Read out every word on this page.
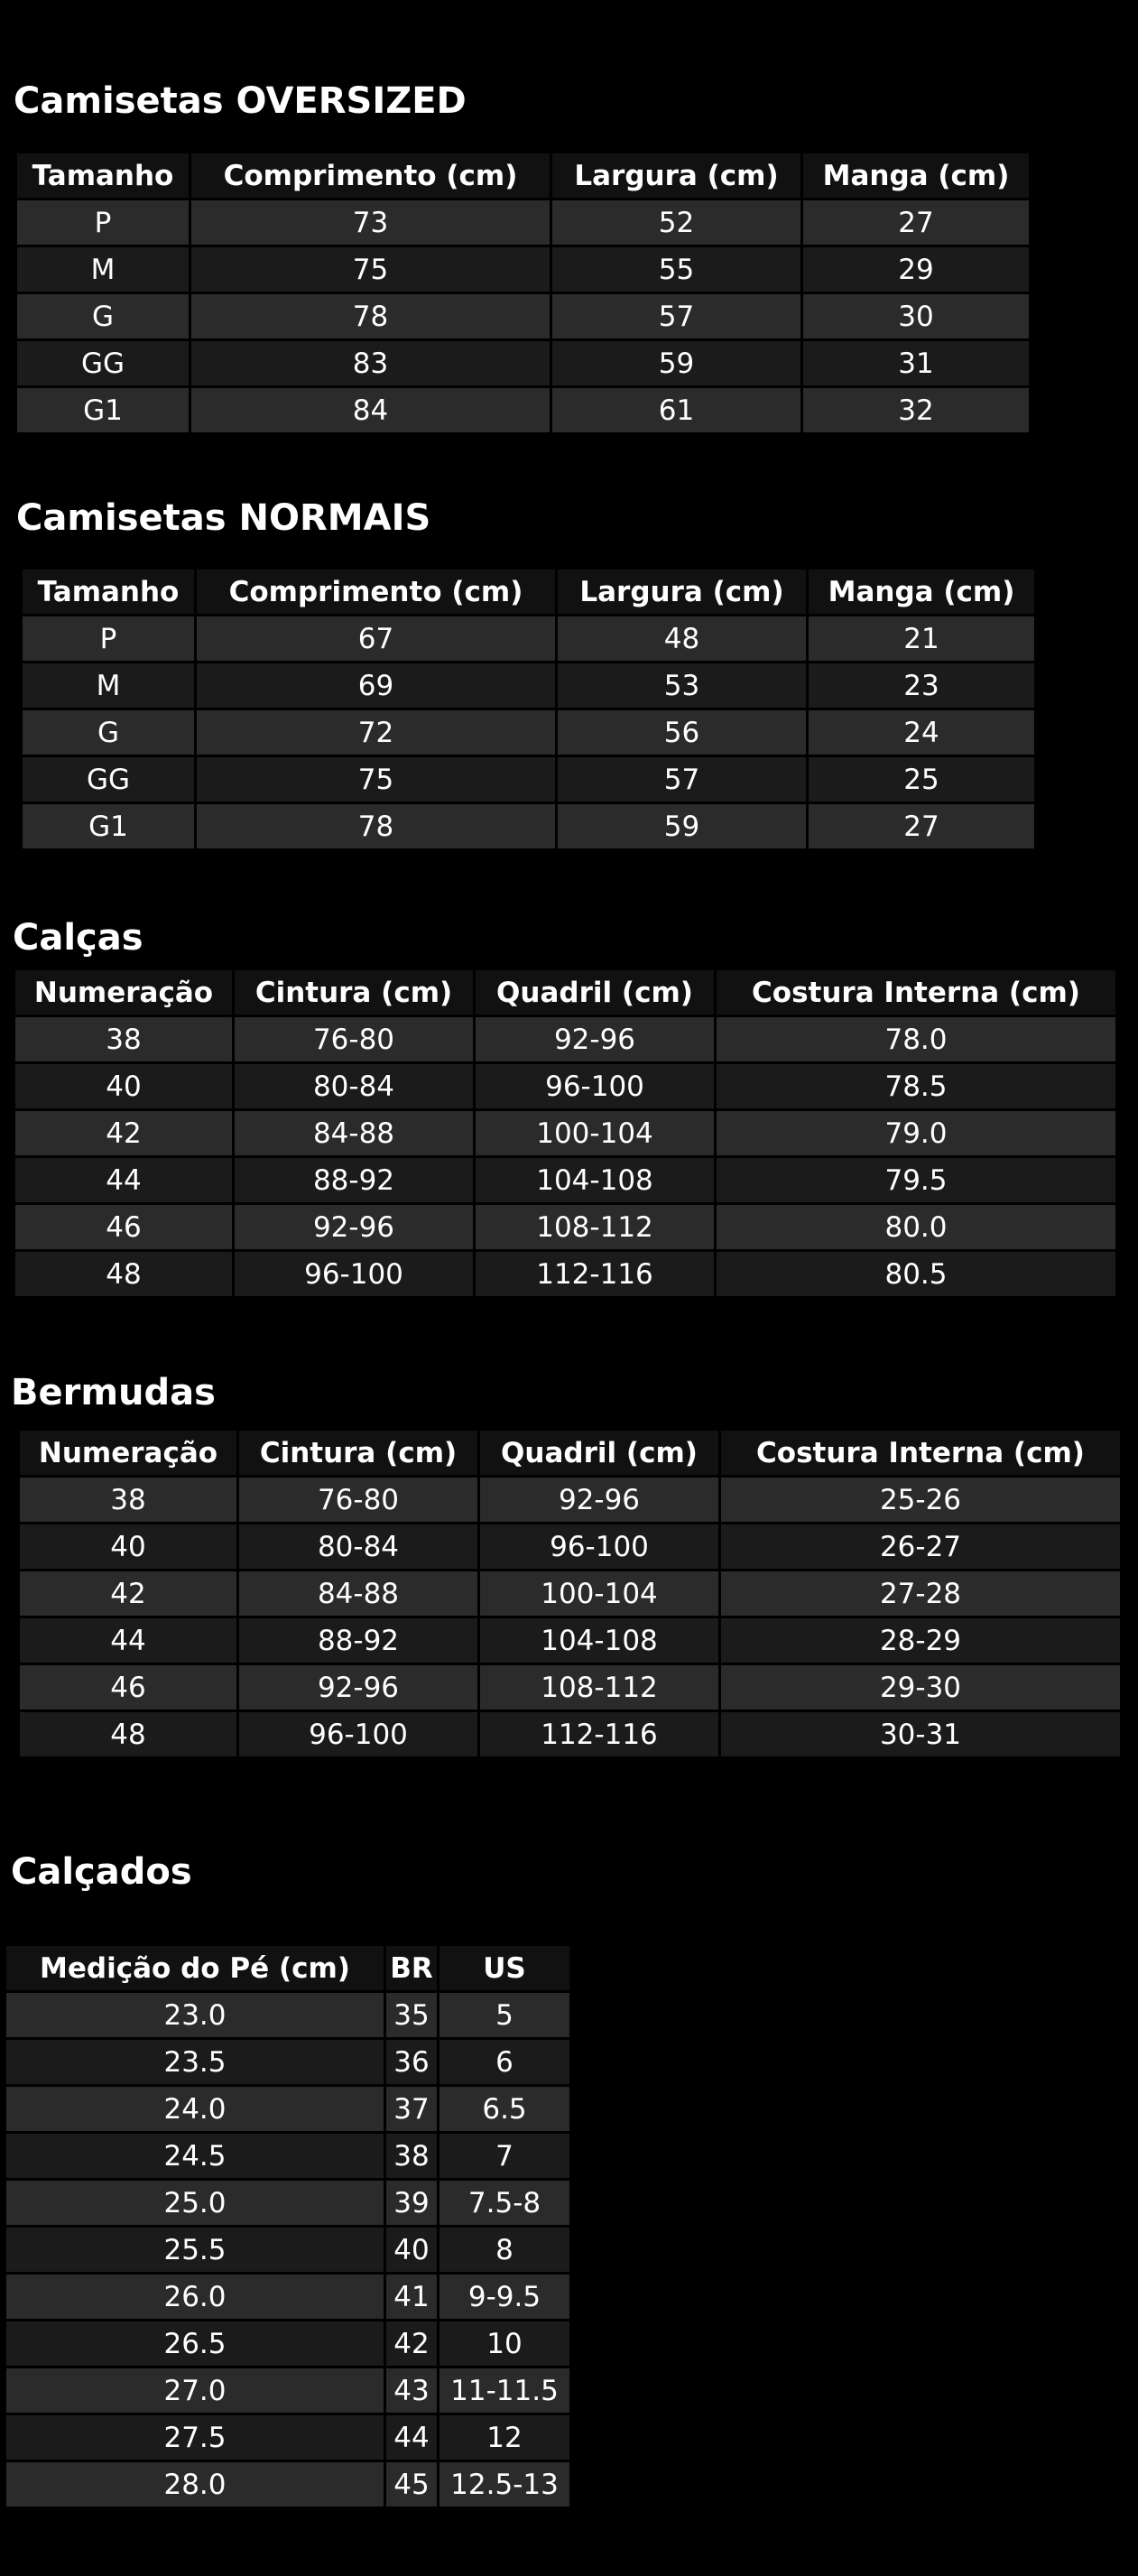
Camisetas OVERSIZED
Tamanho	Comprimento (cm)	Largura (cm)	Manga (cm)
P	73	52	27
M	75	55	29
G	78	57	30
GG	83	59	31
G1	84	61	32
Camisetas NORMAIS
Tamanho	Comprimento (cm)	Largura (cm)	Manga (cm)
P	67	48	21
M	69	53	23
G	72	56	24
GG	75	57	25
G1	78	59	27
Calças
Numeração	Cintura (cm)	Quadril (cm)	Costura Interna (cm)
38	76-80	92-96	78.0
40	80-84	96-100	78.5
42	84-88	100-104	79.0
44	88-92	104-108	79.5
46	92-96	108-112	80.0
48	96-100	112-116	80.5
Bermudas
Numeração	Cintura (cm)	Quadril (cm)	Costura Interna (cm)
38	76-80	92-96	25-26
40	80-84	96-100	26-27
42	84-88	100-104	27-28
44	88-92	104-108	28-29
46	92-96	108-112	29-30
48	96-100	112-116	30-31
Calçados
Medição do Pé (cm)	BR	US
23.0	35	5
23.5	36	6
24.0	37	6.5
24.5	38	7
25.0	39	7.5-8
25.5	40	8
26.0	41	9-9.5
26.5	42	10
27.0	43	11-11.5
27.5	44	12
28.0	45	12.5-13
